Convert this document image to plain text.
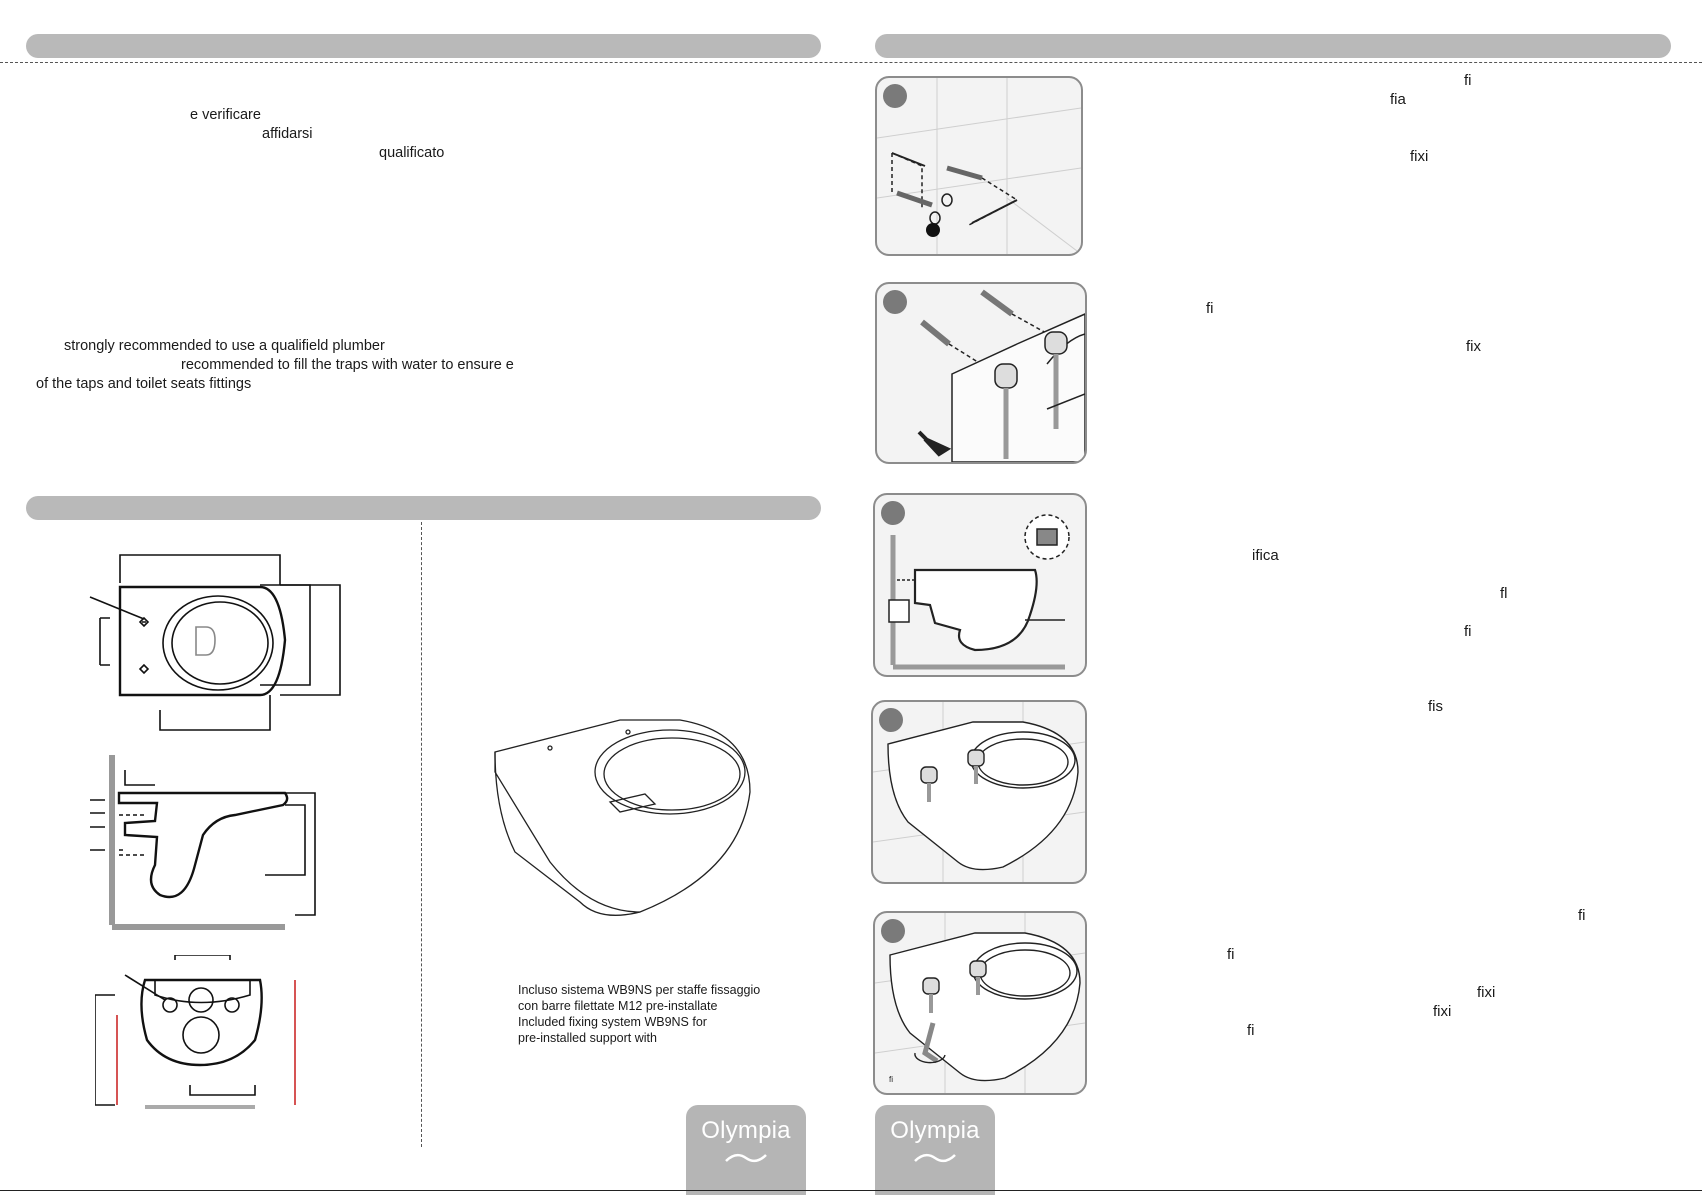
e verificare
affidarsi
qualificato
strongly recommended to use a qualifield plumber
recommended to fill the traps with water to ensure e
of the taps and toilet seats fittings
Incluso sistema WB9NS per staffe fissaggio
con barre filettate M12 pre-installate
Included fixing system WB9NS for
pre-installed support with
Olympia
fi
fia
fixi
fi
fix
ifica
fl
fi
fis
fi
fi
fi
fixi
fixi
fi
Olympia
